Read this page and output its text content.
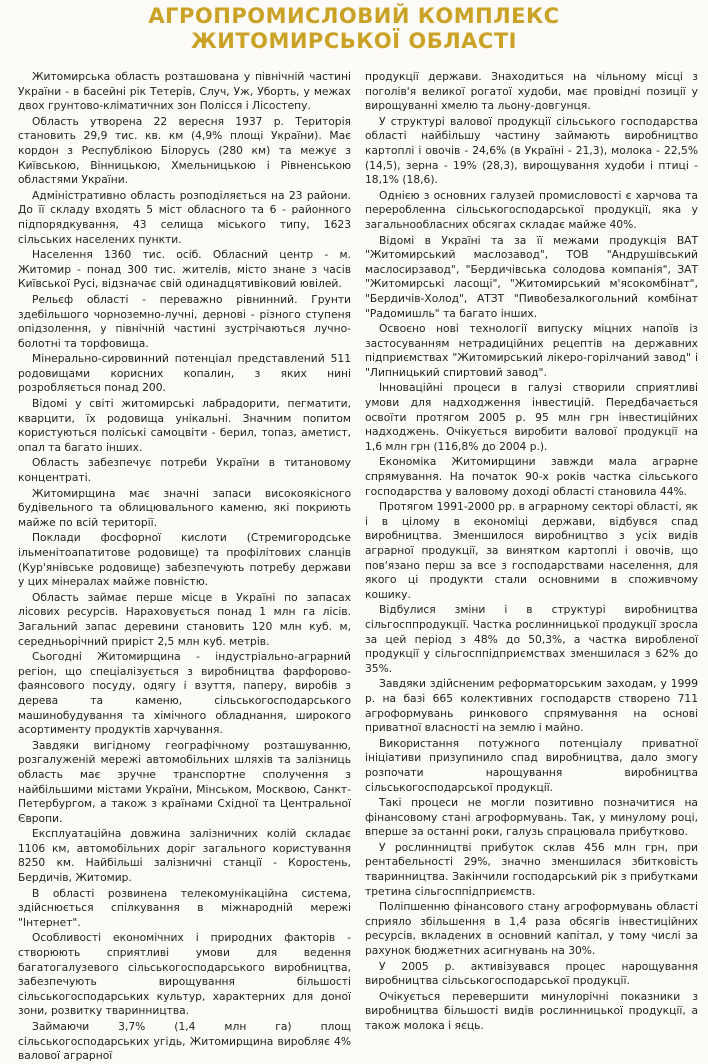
АГРОПРОМИСЛОВИЙ КОМПЛЕКС
ЖИТОМИРСЬКОЇ ОБЛАСТІ

Житомирська область розташована у північній частині України - в басейні рік Тетерів, Случ, Уж, Уборть, у межах двох грунтово-кліматичних зон Полісся і Лісостепу.

Область утворена 22 вересня 1937 р. Територія становить 29,9 тис. кв. км (4,9% площі України). Має кордон з Республікою Білорусь (280 км) та межує з Київською, Вінницькою, Хмельницькою і Рівненською областями України.

Адміністративно область розподіляється на 23 райони. До її складу входять 5 міст обласного та 6 - районного підпорядкування, 43 селища міського типу, 1623 сільських населених пункти.

Населення 1360 тис. осіб. Обласний центр - м. Житомир - понад 300 тис. жителів, місто знане з часів Київської Русі, відзначає свій одинадцятивіковий ювілей.

Рельєф області - переважно рівнинний. Грунти здебільшого чорноземно-лучні, дернові - різного ступеня опідзолення, у північній частині зустрічаються лучно-болотні та торфовища.

Мінерально-сировинний потенціал представлений 511 родовищами корисних копалин, з яких нині розробляється понад 200.

Відомі у світі житомирські лабрадорити, пегматити, кварцити, їх родовища унікальні. Значним попитом користуються поліські самоцвіти - берил, топаз, аметист, опал та багато інших.

Область забезпечує потреби України в титановому концентраті.

Житомирщина має значні запаси високоякісного будівельного та облицювального каменю, які покриють майже по всій території.

Поклади фосфорної кислоти (Стремигородське ільменітоапатитове родовище) та профілітових сланців (Кур'янівське родовище) забезпечують потребу держави у цих мінералах майже повністю.

Область займає перше місце в Україні по запасах лісових ресурсів. Нараховується понад 1 млн га лісів. Загальний запас деревини становить 120 млн куб. м, середньорічний приріст 2,5 млн куб. метрів.

Сьогодні Житомирщина - індустріально-аграрний регіон, що спеціалізується з виробництва фарфорово-фаянсового посуду, одягу і взуття, паперу, виробів з дерева та каменю, сільськогосподарського машинобудування та хімічного обладнання, широкого асортименту продуктів харчування.

Завдяки вигідному географічному розташуванню, розгалуженій мережі автомобільних шляхів та залізниць область має зручне транспортне сполучення з найбільшими містами України, Мінськом, Москвою, Санкт-Петербургом, а також з країнами Східної та Центральної Європи.

Експлуатаційна довжина залізничних колій складає 1106 км, автомобільних доріг загального користування 8250 км. Найбільші залізничні станції - Коростень, Бердичів, Житомир.

В області розвинена телекомунікаційна система, здійснюється спілкування в міжнародній мережі "Інтернет".

Особливості економічних і природних факторів - створюють сприятливі умови для ведення багатогалузевого сільськогосподарського виробництва, забезпечують вирощування більшості сільськогосподарських культур, характерних для доної зони, розвитку тваринництва.

Займаючи 3,7% (1,4 млн га) площ сільськогосподарських угідь, Житомирщина виробляє 4% валової аграрної

продукції держави. Знаходиться на чільному місці з поголів'я великої рогатої худоби, має провідні позиції у вирощуванні хмелю та льону-довгунця.

У структурі валової продукції сільського господарства області найбільшу частину займають виробництво картоплі і овочів - 24,6% (в Україні - 21,3), молока - 22,5% (14,5), зерна - 19% (28,3), вирощування худоби і птиці - 18,1% (18,6).

Однією з основних галузей промисловості є харчова та переробленна сільськогосподарської продукції, яка у загальнообласних обсягах складає майже 40%.

Відомі в Україні та за її межами продукція ВАТ "Житомирський маслозавод", ТОВ "Андрушівський маслосирзавод", "Бердичівська солодова компанія", ЗАТ "Житомирські ласощі", "Житомирський м'ясокомбінат", "Бердичів-Холод", АТЗТ "Пивобезалкогольний комбінат "Радомишль" та багато інших.

Освоєно нові технології випуску міцних напоїв із застосуванням нетрадиційних рецептів на державних підприємствах "Житомирський лікеро-горілчаний завод" і "Липницький спиртовий завод".

Інноваційні процеси в галузі створили сприятливі умови для надходження інвестицій. Передбачається освоїти протягом 2005 р. 95 млн грн інвестиційних надходжень. Очікується виробити валової продукції на 1,6 млн грн (116,8% до 2004 р.).

Економіка Житомирщини завжди мала аграрне спрямування. На початок 90-х років частка сільського господарства у валовому доході області становила 44%.

Протягом 1991-2000 рр. в аграрному секторі області, як і в цілому в економіці держави, відбувся спад виробництва. Зменшилося виробництво з усіх видів аграрної продукції, за винятком картоплі і овочів, що пов'язано перш за все з господарствами населення, для якого ці продукти стали основними в споживчому кошику.

Відбулися зміни і в структурі виробництва сільгосппродукції. Частка рослинницької продукції зросла за цей період з 48% до 50,3%, а частка виробленої продукції у сільгосппідприємствах зменшилася з 62% до 35%.

Завдяки здійсненим реформаторським заходам, у 1999 р. на базі 665 колективних господарств створено 711 агроформувань ринкового спрямування на основі приватної власності на землю і майно.

Використання потужного потенціалу приватної ініціативи призупинило спад виробництва, дало змогу розпочати нарощування виробництва сільськогосподарської продукції.

Такі процеси не могли позитивно позначитися на фінансовому стані агроформувань. Так, у минулому році, вперше за останні роки, галузь спрацювала прибутково.

У рослинництві прибуток склав 456 млн грн, при рентабельності 29%, значно зменшилася збитковість тваринництва. Закінчили господарський рік з прибутками третина сільгосппідприємств.

Поліпшенню фінансового стану агроформувань області сприяло збільшення в 1,4 раза обсягів інвестиційних ресурсів, вкладених в основний капітал, у тому числі за рахунок бюджетних асигнувань на 30%.

У 2005 р. активізувався процес нарощування виробництва сільськогосподарської продукції.

Очікується перевершити минулорічні показники з виробництва більшості видів рослинницької продукції, а також молока і яєць.
